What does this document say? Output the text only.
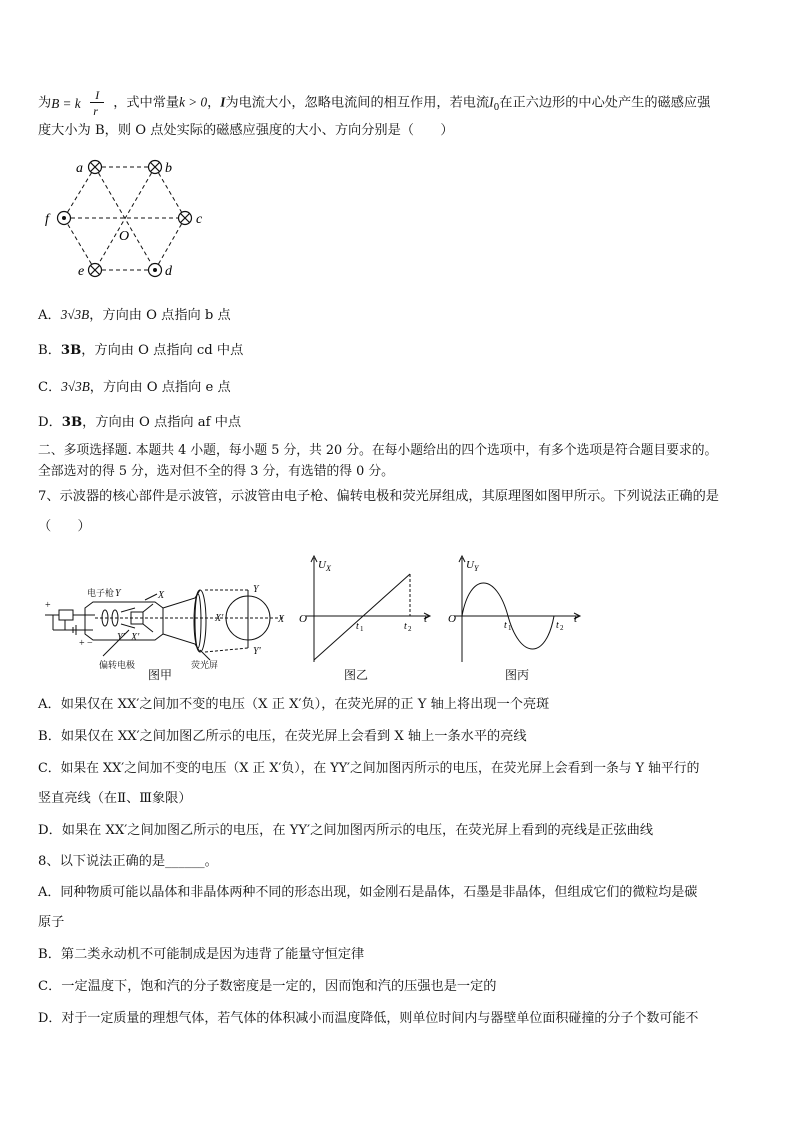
为 B = k
I
r
，式中常量k > 0，I为电流大小，忽略电流间的相互作用，若电流$I_0$在正六边形的中心处产生的磁感应强
度大小为 B，则 O 点处实际的磁感应强度的大小、方向分别是（　　）
a	b
c
d
e
f
O
A．3√3B，方向由 O 点指向 b 点
B．3B，方向由 O 点指向 cd 中点
C．3√3B，方向由 O 点指向 e 点
D．3B，方向由 O 点指向 af 中点
二、多项选择题. 本题共 4 小题，每小题 5 分，共 20 分。在每小题给出的四个选项中，有多个选项是符合题目要求的。
全部选对的得 5 分，选对但不全的得 3 分，有选错的得 0 分。
7、示波器的核心部件是示波管，示波管由电子枪、偏转电极和荧光屏组成，其原理图如图甲所示。下列说法正确的是
（　　）
电子枪 Y	X
Y' X'
+
+ −
偏转电极	荧光屏
X'	X
Y
Y'
图甲
U X
O
t 1	t 2
t
图乙
U Y
O
t 1	t 2
t
图丙
A．如果仅在 XX′之间加不变的电压（X 正 X′负），在荧光屏的正 Y 轴上将出现一个亮斑
B．如果仅在 XX′之间加图乙所示的电压，在荧光屏上会看到 X 轴上一条水平的亮线
C．如果在 XX′之间加不变的电压（X 正 X′负），在 YY′之间加图丙所示的电压，在荧光屏上会看到一条与 Y 轴平行的
竖直亮线（在Ⅱ、Ⅲ象限）
D．如果在 XX′之间加图乙所示的电压，在 YY′之间加图丙所示的电压，在荧光屏上看到的亮线是正弦曲线
8、以下说法正确的是______。
A．同种物质可能以晶体和非晶体两种不同的形态出现，如金刚石是晶体，石墨是非晶体，但组成它们的微粒均是碳
原子
B．第二类永动机不可能制成是因为违背了能量守恒定律
C．一定温度下，饱和汽的分子数密度是一定的，因而饱和汽的压强也是一定的
D．对于一定质量的理想气体，若气体的体积减小而温度降低，则单位时间内与器壁单位面积碰撞的分子个数可能不
